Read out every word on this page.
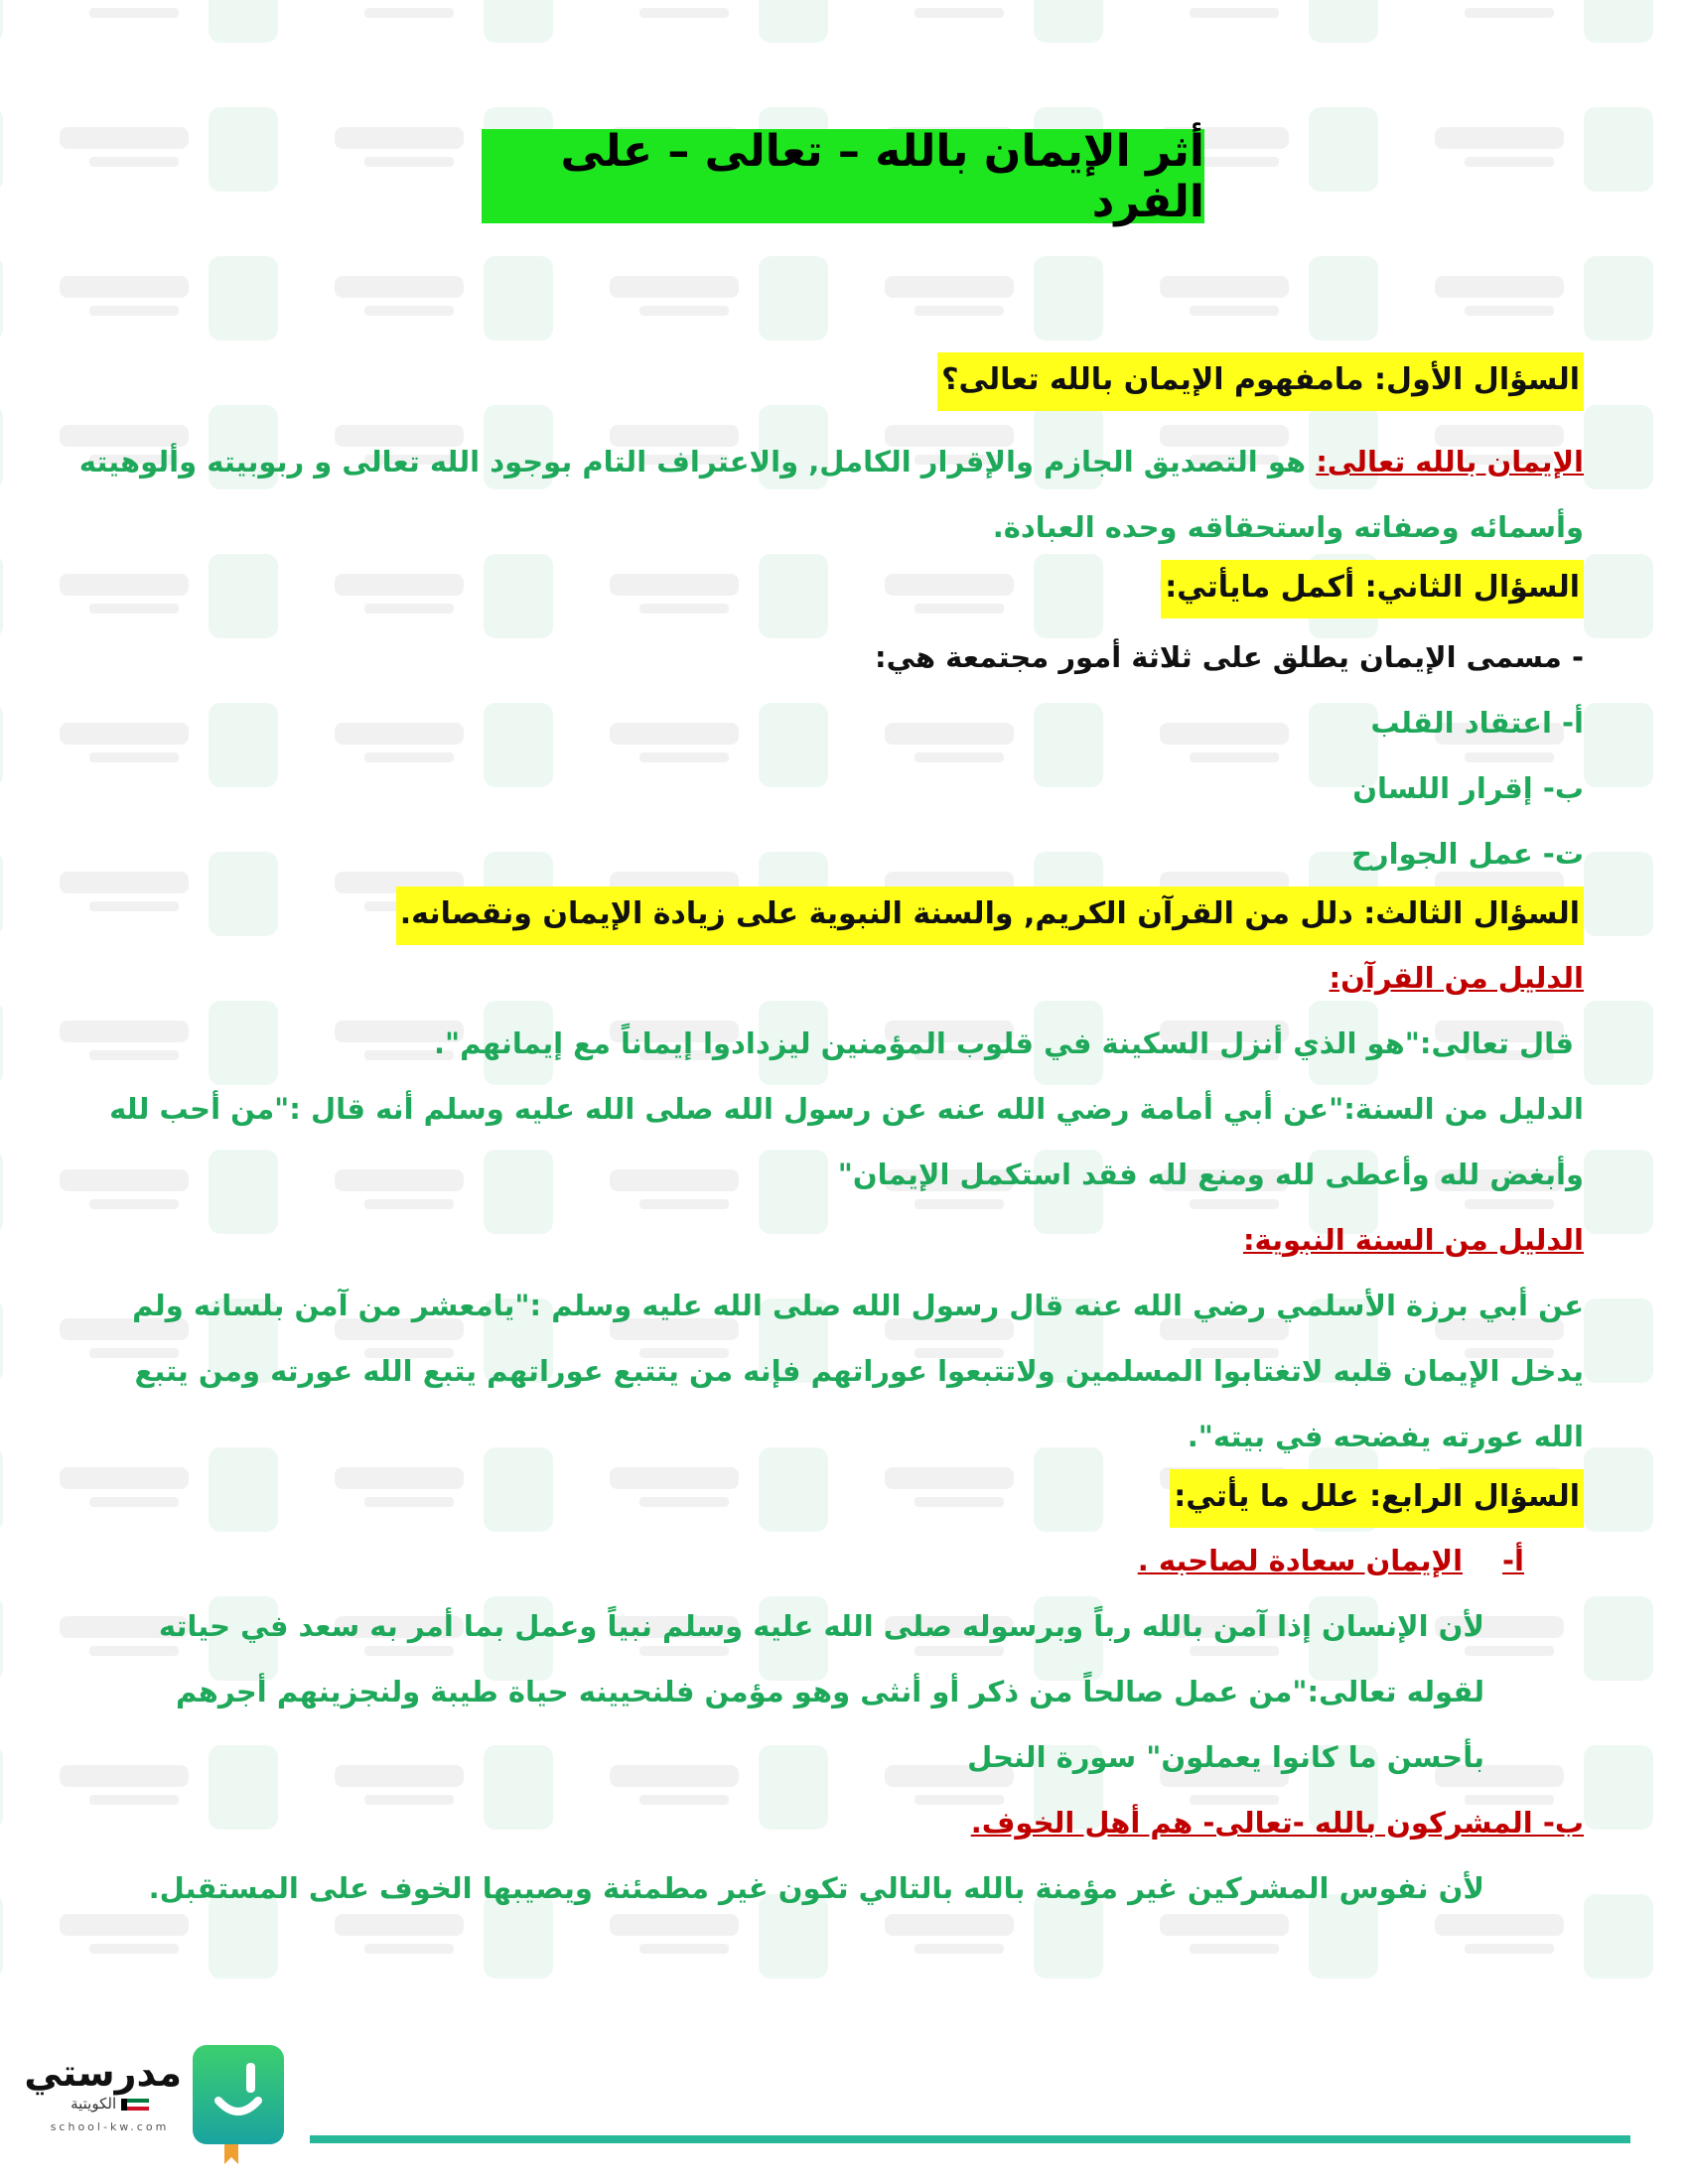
أثر الإيمان بالله – تعالى – على الفرد
السؤال الأول: مامفهوم الإيمان بالله تعالى؟
الإيمان بالله تعالى: هو التصديق الجازم والإقرار الكامل, والاعتراف التام بوجود الله تعالى و ربوبيته وألوهيته
وأسمائه وصفاته واستحقاقه وحده العبادة.
السؤال الثاني: أكمل مايأتي:
- مسمى الإيمان يطلق على ثلاثة أمور مجتمعة هي:
أ- اعتقاد القلب
ب- إقرار اللسان
ت- عمل الجوارح
السؤال الثالث: دلل من القرآن الكريم, والسنة النبوية على زيادة الإيمان ونقصانه.
الدليل من القرآن:
قال تعالى:"هو الذي أنزل السكينة في قلوب المؤمنين ليزدادوا إيماناً مع إيمانهم".
الدليل من السنة:"عن أبي أمامة رضي الله عنه عن رسول الله صلى الله عليه وسلم أنه قال :"من أحب لله
وأبغض لله وأعطى لله ومنع لله فقد استكمل الإيمان"
الدليل من السنة النبوية:
عن أبي برزة الأسلمي رضي الله عنه قال رسول الله صلى الله عليه وسلم :"يامعشر من آمن بلسانه ولم
يدخل الإيمان قلبه لاتغتابوا المسلمين ولاتتبعوا عوراتهم فإنه من يتتبع عوراتهم يتبع الله عورته ومن يتبع
الله عورته يفضحه في بيته".
السؤال الرابع: علل ما يأتي:
أ-الإيمان سعادة لصاحبه .
لأن الإنسان إذا آمن بالله رباً وبرسوله صلى الله عليه وسلم نبياً وعمل بما أمر به سعد في حياته
لقوله تعالى:"من عمل صالحاً من ذكر أو أنثى وهو مؤمن فلنحيينه حياة طيبة ولنجزينهم أجرهم
بأحسن ما كانوا يعملون" سورة النحل
ب- المشركون بالله -تعالى- هم أهل الخوف.
لأن نفوس المشركين غير مؤمنة بالله بالتالي تكون غير مطمئنة ويصيبها الخوف على المستقبل.
مدرستي
الكويتية
school-kw.com
